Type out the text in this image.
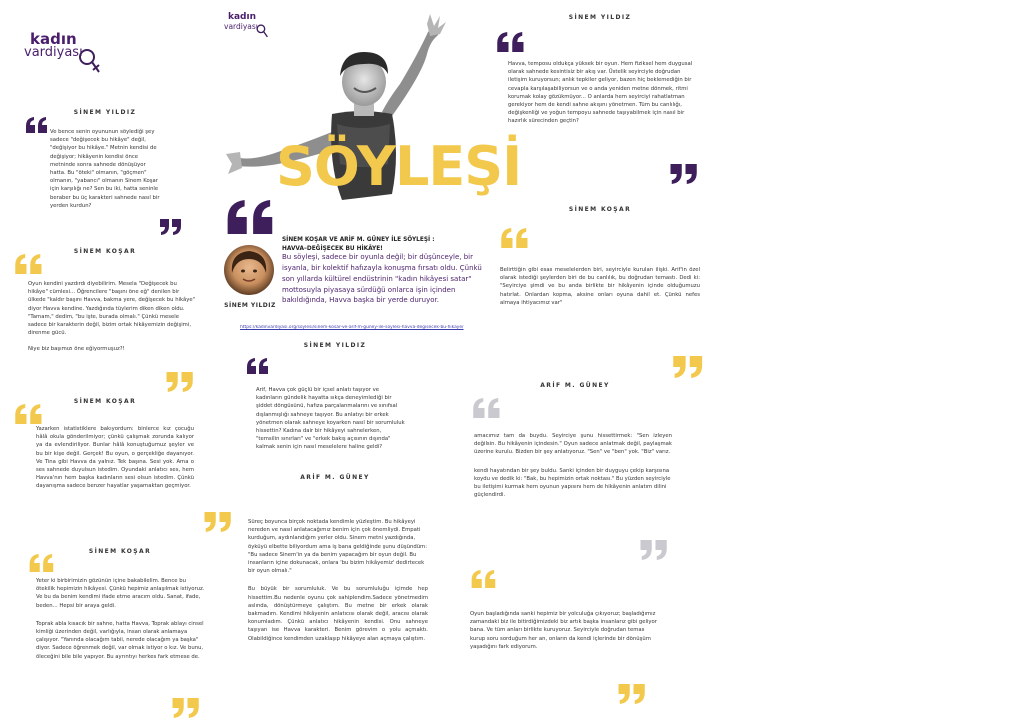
kadın
vardiyası
SİNEM YILDIZ
Ve bence senin oyununun söylediği şey sadece "değişecek bu hikâye" değil, "değişiyor bu hikâye." Metnin kendisi de değişiyor; hikâyenin kendisi önce metninde sonra sahnede dönüşüyor hatta. Bu "öteki" olmanın, "göçmen" olmanın, "yabancı" olmanın Sinem Koşar için karşılığı ne? Sen bu iki, hatta seninle beraber bu üç karakteri sahnede nasıl bir yerden kurdun?
SİNEM KOŞAR

Oyun kendini yazdırdı diyebilirim. Mesela "Değişecek bu hikâye" cümlesi... Öğrencilere "başını öne eğ" denilen bir ülkede "kaldır başını Havva, bakma yere, değişecek bu hikâye" diyor Havva kendine. Yazdığında tüylerim diken diken oldu. "Tamam," dedim, "bu işte, burada olmalı." Çünkü mesele sadece bir karakterin değil, bizim ortak hikâyemizin değişimi, direnme gücü.

Niye biz başımızı öne eğiyormuşuz?!

SİNEM KOŞAR
Yazarken istatistiklere bakıyordum: binlerce kız çocuğu hâlâ okula gönderilmiyor; çünkü çalışmak zorunda kalıyor ya da evlendiriliyor. Bunlar hâlâ konuştuğumuz şeyler ve bu bir kişe değil. Gerçek! Bu oyun, o gerçekliğe dayanıyor. Ve Tina gibi Havva da yalnız. Tek başına. Sesi yok. Ama o ses sahnede duyulsun istedim. Oyundaki anlatıcı ses, hem Havva'nın hem başka kadınların sesi olsun istedim. Çünkü dayanışma sadece benzer hayatlar yaşamaktan geçmiyor.
SİNEM KOŞAR

Yeter ki birbirimizin gözünün içine bakabilelim. Bence bu ötekilik hepimizin hikâyesi. Çünkü hepimiz anlaşılmak istiyoruz. Ve bu da benim kendimi ifade etme aracım oldu. Sanat, ifade, beden... Hepsi bir araya geldi.

Toprak abla kısacık bir sahne, hatta Havva, Toprak ablayı cinsel kimliği üzerinden değil, varlığıyla, insan olarak anlamaya çalışıyor. "Yanında olacağım tabii, nerede olacağım ya başka" diyor. Sadece öğrenmek değil, var olmak istiyor o kız. Ve bunu, öleceğini bile bile yapıyor. Bu ayrıntıyı herkes fark etmese de.

kadın
vardiyası
SÖYLEŞİ
SİNEM YILDIZ
SİNEM KOŞAR VE ARİF M. GÜNEY İLE SÖYLEŞİ :
HAVVA–DEĞİŞECEK BU HİKÂYE!
Bu söyleşi, sadece bir oyunla değil; bir düşünceyle, bir isyanla, bir kolektif hafızayla konuşma fırsatı oldu. Çünkü son yıllarda kültürel endüstrinin "kadın hikâyesi satar" mottosuyla piyasaya sürdüğü onlarca işin içinden bakıldığında, Havva başka bir yerde duruyor.
https://kadinvardiyasi.org/soylesi/sinem-kosar-ve-arif-m-guney-ile-soylesi-havva-degisecek-bu-hikaye/
SİNEM YILDIZ
Arif, Havva çok güçlü bir içsel anlatı taşıyor ve kadınların gündelik hayatta sıkça deneyimlediği bir şiddet döngüsünü, hafıza parçalanmalarını ve sınıfsal dışlanmışlığı sahneye taşıyor. Bu anlatıyı bir erkek yönetmen olarak sahneye koyarken nasıl bir sorumluluk hissettin? Kadına dair bir hikâyeyi sahnelerken, "temsilin sınırları" ve "erkek bakış açısının dışında" kalmak senin için nasıl meselelere haline geldi?
ARİF M. GÜNEY

Süreç boyunca birçok noktada kendimle yüzleştim. Bu hikâyeyi nereden ve nasıl anlatacağımız benim için çok önemliydi. Empati kurduğum, aydınlandığım yerler oldu. Sinem metni yazdığında, öyküyü elbette biliyordum ama iş bana geldiğinde şunu düşündüm: "Bu sadece Sinem'in ya da benim yapacağım bir oyun değil. Bu insanların içine dokunacak, onlara 'bu bizim hikâyemiz' dedirtecek bir oyun olmalı."

Bu büyük bir sorumluluk. Ve bu sorumluluğu içimde hep hissettim.Bu nedenle oyunu çok sahiplendim.Sadece yönetmedim aslında, dönüştürmeye çalıştım. Bu metne bir erkek olarak bakmadım. Kendimi hikâyenin anlatıcısı olarak değil, aracısı olarak konumladım. Çünkü anlatıcı hikâyenin kendisi. Onu sahneye taşıyan ise Havva karakteri. Benim görevim o yolu açmaktı. Olabildiğince kendimden uzaklaşıp hikâyeye alan açmaya çalıştım.

SİNEM YILDIZ
Havva, temposu oldukça yüksek bir oyun. Hem fiziksel hem duygusal olarak sahnede kesintisiz bir akış var. Üstelik seyirciyle doğrudan iletişim kuruyorsun; anlık tepkiler geliyor, bazen hiç beklemediğin bir cevapla karşılaşabiliyorsun ve o anda yeniden metne dönmek, ritmi korumak kolay gözükmüyor... O anlarda hem seyirciyi rahatlatman gerekiyor hem de kendi sahne akışını yönetmen. Tüm bu canlılığı, değişkenliği ve yoğun tempoyu sahnede taşıyabilmek için nasıl bir hazırlık sürecinden geçtin?
SİNEM KOŞAR
Belirttiğin gibi esas meselelerden biri, seyirciyle kurulan ilişki. Arif'in özel olarak istediği şeylerden biri de bu canlılık, bu doğrudan temastı. Dedi ki: "Seyirciye şimdi ve bu anda birlikte bir hikâyenin içinde olduğumuzu hatırlat. Onlardan kopma, aksine onları oyuna dahil et. Çünkü nefes almaya ihtiyacımız var"
ARİF M. GÜNEY

amacımız tam da buydu. Seyirciye şunu hissettirmek: "Sen izleyen değilsin. Bu hikâyenin içindesin." Oyun sadece anlatmak değil, paylaşmak üzerine kurulu. Bizden bir şey anlatıyoruz. "Sen" ve "ben" yok. "Biz" varız.

kendi hayatından bir şey buldu. Sanki içinden bir duyguyu çekip karşısına koydu ve dedik ki: "Bak, bu hepimizin ortak noktası." Bu yüzden seyirciyle bu iletişimi kurmak hem oyunun yapısını hem de hikâyenin anlatım dilini güçlendirdi.

Oyun başladığında sanki hepimiz bir yolculuğa çıkıyoruz; başladığımız zamandaki biz ile bitirdiğimizdeki biz artık başka insanlarız gibi geliyor bana. Ve tüm anları birlikte kuruyoruz. Seyirciyle doğrudan temas kurup soru sorduğum her an, onların da kendi içlerinde bir dönüşüm yaşadığını fark ediyorum.
